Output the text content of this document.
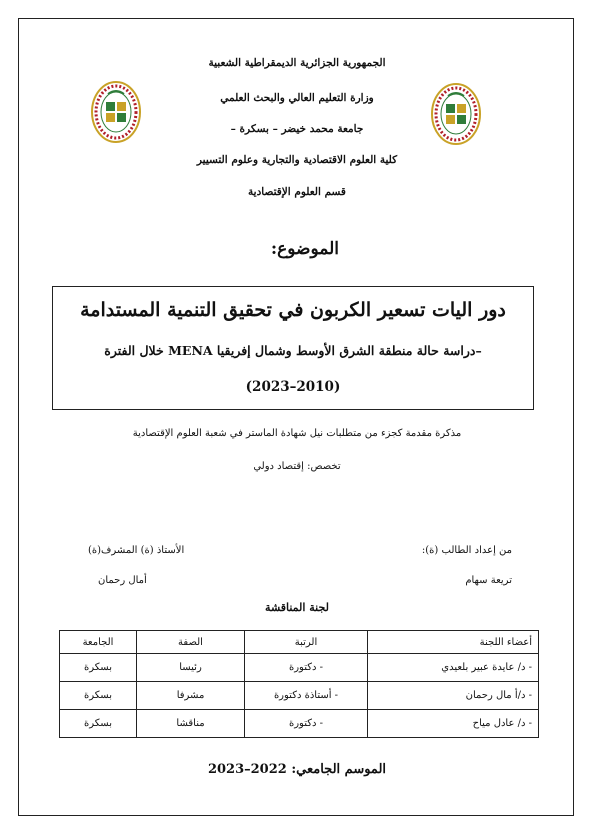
الجمهورية الجزائرية الديمقراطية الشعبية
وزارة التعليم العالي والبحث العلمي
جامعة محمد خيضر – بسكرة –
كلية العلوم الاقتصادية والتجارية وعلوم التسيير
قسم العلوم الإقتصادية
الموضوع:
دور اليات تسعير الكربون في تحقيق التنمية المستدامة
–دراسة حالة منطقة الشرق الأوسط وشمال إفريقيا MENA خلال الفترة
(2010–2023)
مذكرة مقدمة كجزء من متطلبات نيل شهادة الماستر في شعبة العلوم الإقتصادية
تخصص: إقتصاد دولي
من إعداد الطالب (ة):
تريعة سهام
الأستاذ (ة) المشرف(ة)
أمال رحمان
لجنة المناقشة
أعضاء اللجنة	الرتبة	الصفة	الجامعة
- د/ عايدة عبير بلعيدي	- دكتورة	رئيسا	بسكرة
- د/أ مال رحمان	- أستاذة دكتورة	مشرفا	بسكرة
- د/ عادل مياح	- دكتورة	مناقشا	بسكرة
الموسم الجامعي: 2022–2023
